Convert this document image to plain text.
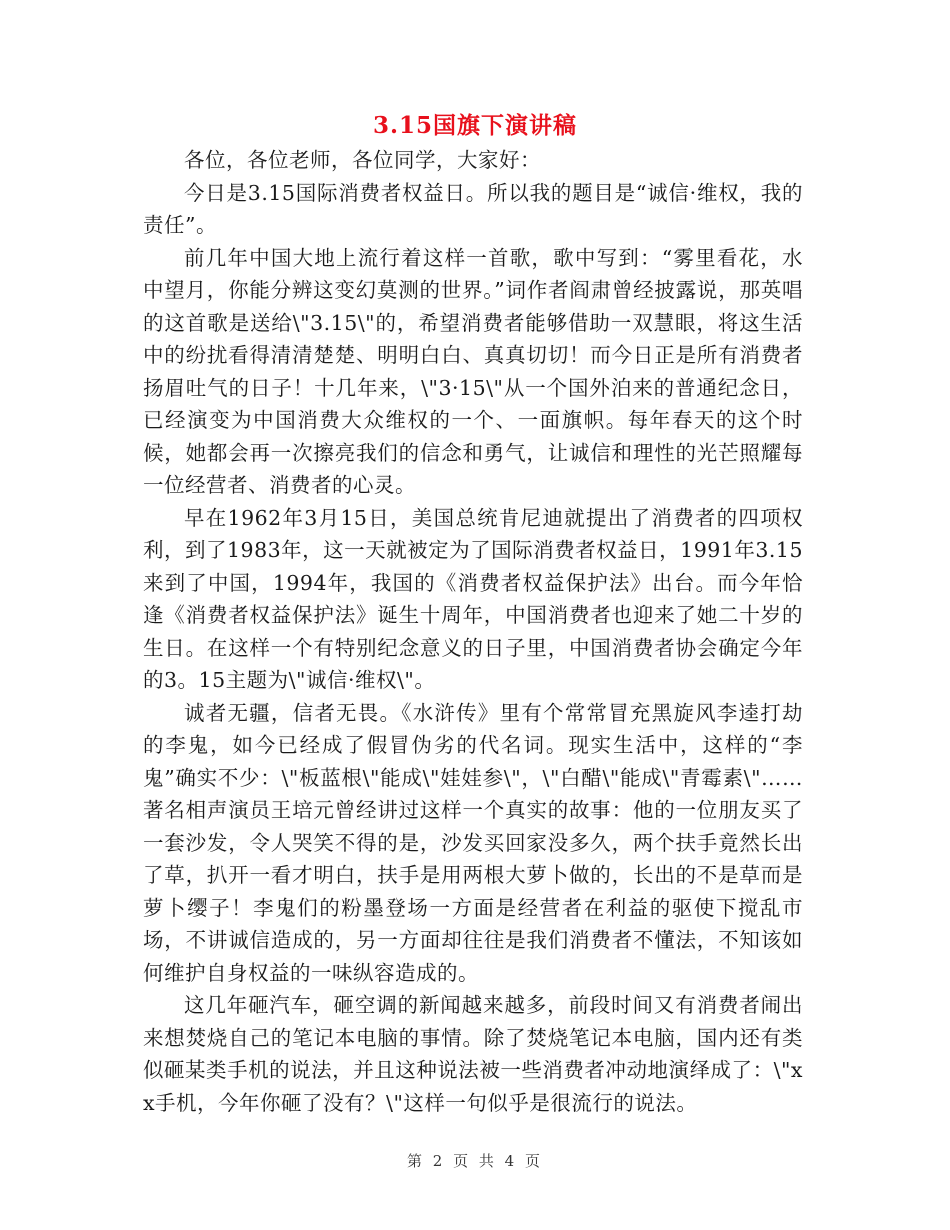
3.15国旗下演讲稿

各位，各位老师，各位同学，大家好：

今日是3.15国际消费者权益日。所以我的题目是“诚信·维权，我的责任”。

前几年中国大地上流行着这样一首歌，歌中写到：“雾里看花，水中望月，你能分辨这变幻莫测的世界。”词作者阎肃曾经披露说，那英唱的这首歌是送给\"3.15\"的，希望消费者能够借助一双慧眼，将这生活中的纷扰看得清清楚楚、明明白白、真真切切！而今日正是所有消费者扬眉吐气的日子！十几年来，\"3·15\"从一个国外泊来的普通纪念日，已经演变为中国消费大众维权的一个、一面旗帜。每年春天的这个时候，她都会再一次擦亮我们的信念和勇气，让诚信和理性的光芒照耀每一位经营者、消费者的心灵。

早在1962年3月15日，美国总统肯尼迪就提出了消费者的四项权利，到了1983年，这一天就被定为了国际消费者权益日，1991年3.15来到了中国，1994年，我国的《消费者权益保护法》出台。而今年恰逢《消费者权益保护法》诞生十周年，中国消费者也迎来了她二十岁的生日。在这样一个有特别纪念意义的日子里，中国消费者协会确定今年的3。15主题为\"诚信·维权\"。

诚者无疆，信者无畏。《水浒传》里有个常常冒充黑旋风李逵打劫的李鬼，如今已经成了假冒伪劣的代名词。现实生活中，这样的“李鬼”确实不少：\"板蓝根\"能成\"娃娃参\"，\"白醋\"能成\"青霉素\"……著名相声演员王培元曾经讲过这样一个真实的故事：他的一位朋友买了一套沙发，令人哭笑不得的是，沙发买回家没多久，两个扶手竟然长出了草，扒开一看才明白，扶手是用两根大萝卜做的，长出的不是草而是萝卜缨子！李鬼们的粉墨登场一方面是经营者在利益的驱使下搅乱市场，不讲诚信造成的，另一方面却往往是我们消费者不懂法，不知该如何维护自身权益的一味纵容造成的。

这几年砸汽车，砸空调的新闻越来越多，前段时间又有消费者闹出来想焚烧自己的笔记本电脑的事情。除了焚烧笔记本电脑，国内还有类似砸某类手机的说法，并且这种说法被一些消费者冲动地演绎成了：\"xx手机，今年你砸了没有？\"这样一句似乎是很流行的说法。

第 2 页 共 4 页
